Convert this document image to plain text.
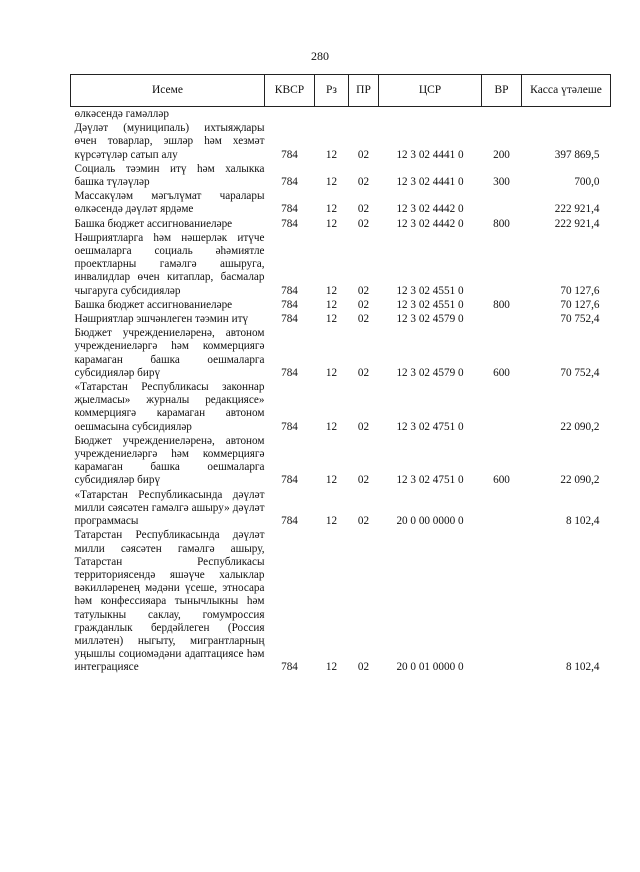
280
Исеме	КВСР	Рз	ПР	ЦСР	ВР	Касса үтәлеше
өлкәсендә гамәлләр						
Дәүләт (муниципаль) ихтыяҗлары өчен товарлар, эшләр һәм хезмәт күрсәтүләр сатып алу	784	12	02	12 3 02 4441 0	200	397 869,5
Социаль тәэмин итү һәм халыкка башка түләүләр	784	12	02	12 3 02 4441 0	300	700,0
Массакүләм мәгълүмат чаралары өлкәсендә дәүләт ярдәме	784	12	02	12 3 02 4442 0		222 921,4
Башка бюджет ассигнованиеләре	784	12	02	12 3 02 4442 0	800	222 921,4
Нәшриятларга һәм нәшерләк итүче оешмаларга социаль әһәмиятле проектларны гамәлгә ашыруга, инвалидлар өчен китаплар, басмалар чыгаруга субсидияләр	784	12	02	12 3 02 4551 0		70 127,6
Башка бюджет ассигнованиеләре	784	12	02	12 3 02 4551 0	800	70 127,6
Нәшриятлар эшчәнлеген тәэмин итү	784	12	02	12 3 02 4579 0		70 752,4
Бюджет учреждениеләренә, автоном учреждениеләргә һәм коммерциягә карамаган башка оешмаларга субсидияләр бирү	784	12	02	12 3 02 4579 0	600	70 752,4
«Татарстан Республикасы законнар җыелмасы» журналы редакциясе» коммерциягә карамаган автоном оешмасына субсидияләр	784	12	02	12 3 02 4751 0		22 090,2
Бюджет учреждениеләренә, автоном учреждениеләргә һәм коммерциягә карамаган башка оешмаларга субсидияләр бирү	784	12	02	12 3 02 4751 0	600	22 090,2
«Татарстан Республикасында дәүләт милли сәясәтен гамәлгә ашыру» дәүләт программасы	784	12	02	20 0 00 0000 0		8 102,4
Татарстан Республикасында дәүләт милли сәясәтен гамәлгә ашыру, Татарстан Республикасы территориясендә яшәүче халыклар вәкилләренең мәдәни үсеше, этносара һәм конфессияара тынычлыкны һәм татулыкны саклау, гомумроссия гражданлык бердәйлеген (Россия милләтен) ныгыту, мигрантларның уңышлы социомәдәни адаптациясе һәм интеграциясе	784	12	02	20 0 01 0000 0		8 102,4
